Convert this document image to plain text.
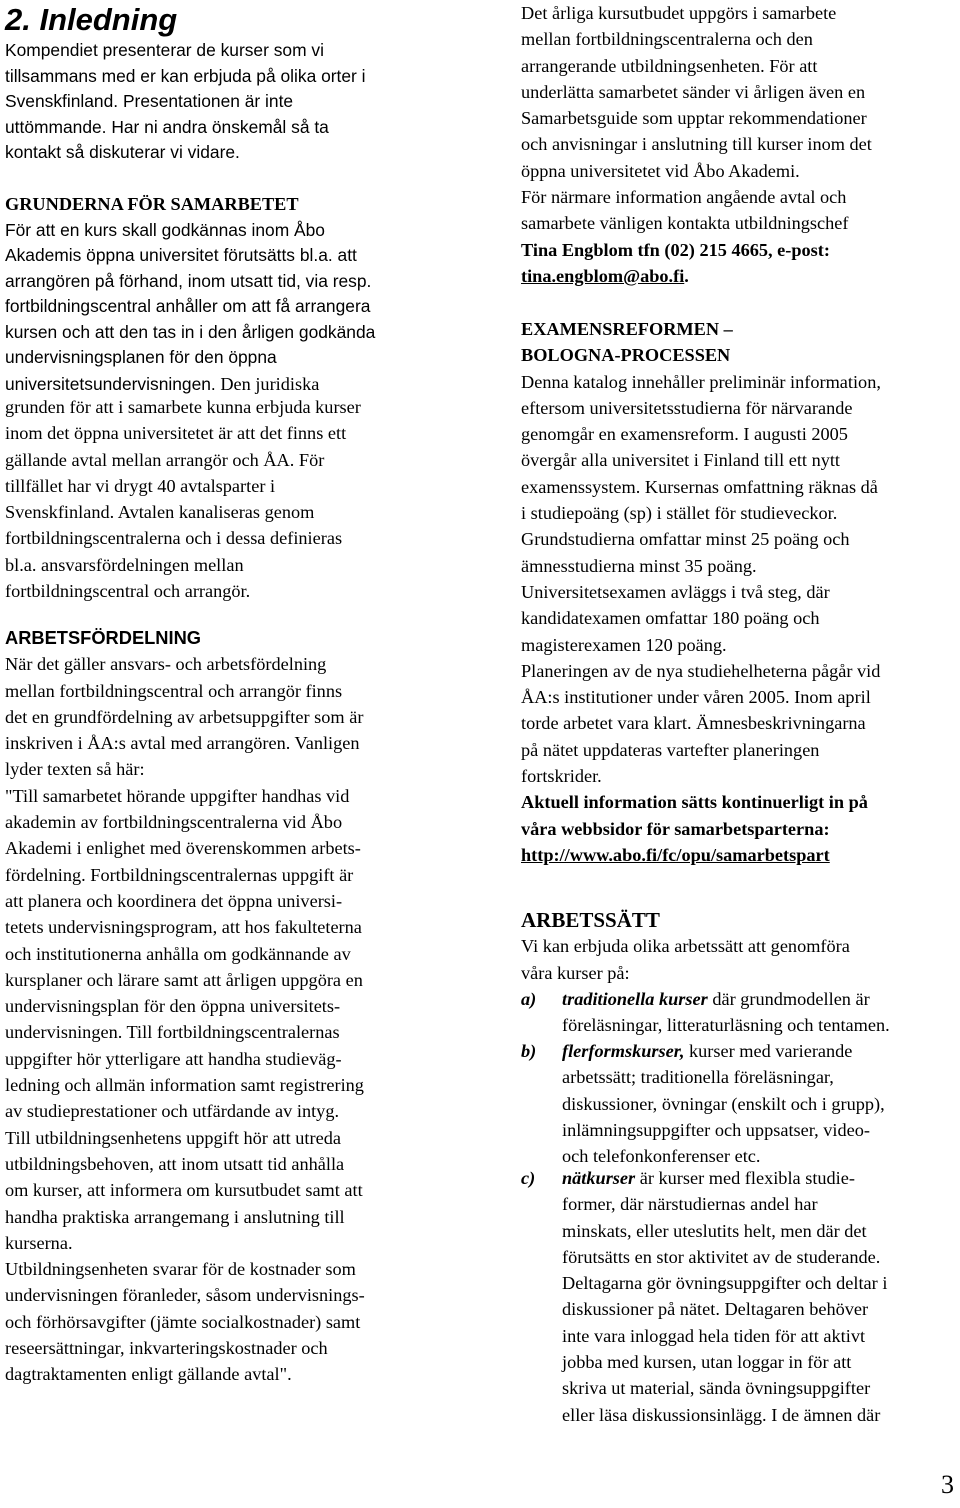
2. Inledning
Kompendiet presenterar de kurser som vi
tillsammans med er kan erbjuda på olika orter i
Svenskfinland. Presentationen är inte
uttömmande. Har ni andra önskemål så ta
kontakt så diskuterar vi vidare.
GRUNDERNA FÖR SAMARBETET
För att en kurs skall godkännas inom Åbo
Akademis öppna universitet förutsätts bl.a. att
arrangören på förhand, inom utsatt tid, via resp.
fortbildningscentral anhåller om att få arrangera
kursen och att den tas in i den årligen godkända
undervisningsplanen för den öppna
universitetsundervisningen. Den juridiska
grunden för att i samarbete kunna erbjuda kurser
inom det öppna universitetet är att det finns ett
gällande avtal mellan arrangör och ÅA. För
tillfället har vi drygt 40 avtalsparter i
Svenskfinland. Avtalen kanaliseras genom
fortbildningscentralerna och i dessa definieras
bl.a. ansvarsfördelningen mellan
fortbildningscentral och arrangör.
ARBETSFÖRDELNING
När det gäller ansvars- och arbetsfördelning
mellan fortbildningscentral och arrangör finns
det en grundfördelning av arbetsuppgifter som är
inskriven i ÅA:s avtal med arrangören. Vanligen
lyder texten så här:
"Till samarbetet hörande uppgifter handhas vid
akademin av fortbildningscentralerna vid Åbo
Akademi i enlighet med överenskommen arbets-
fördelning. Fortbildningscentralernas uppgift är
att planera och koordinera det öppna universi-
tetets undervisningsprogram, att hos fakulteterna
och institutionerna anhålla om godkännande av
kursplaner och lärare samt att årligen uppgöra en
undervisningsplan för den öppna universitets-
undervisningen. Till fortbildningscentralernas
uppgifter hör ytterligare att handha studieväg-
ledning och allmän information samt registrering
av studieprestationer och utfärdande av intyg.
Till utbildningsenhetens uppgift hör att utreda
utbildningsbehoven, att inom utsatt tid anhålla
om kurser, att informera om kursutbudet samt att
handha praktiska arrangemang i anslutning till
kurserna.
Utbildningsenheten svarar för de kostnader som
undervisningen föranleder, såsom undervisnings-
och förhörsavgifter (jämte socialkostnader) samt
reseersättningar, inkvarteringskostnader och
dagtraktamenten enligt gällande avtal".
Det årliga kursutbudet uppgörs i samarbete
mellan fortbildningscentralerna och den
arrangerande utbildningsenheten. För att
underlätta samarbetet sänder vi årligen även en
Samarbetsguide som upptar rekommendationer
och anvisningar i anslutning till kurser inom det
öppna universitetet vid Åbo Akademi.
För närmare information angående avtal och
samarbete vänligen kontakta utbildningschef
Tina Engblom tfn (02) 215 4665, e-post:
tina.engblom@abo.fi.
EXAMENSREFORMEN –
BOLOGNA-PROCESSEN
Denna katalog innehåller preliminär information,
eftersom universitetsstudierna för närvarande
genomgår en examensreform. I augusti 2005
övergår alla universitet i Finland till ett nytt
examenssystem. Kursernas omfattning räknas då
i studiepoäng (sp) i stället för studieveckor.
Grundstudierna omfattar minst 25 poäng och
ämnesstudierna minst 35 poäng.
Universitetsexamen avläggs i två steg, där
kandidatexamen omfattar 180 poäng och
magisterexamen 120 poäng.
Planeringen av de nya studiehelheterna pågår vid
ÅA:s institutioner under våren 2005. Inom april
torde arbetet vara klart. Ämnesbeskrivningarna
på nätet uppdateras vartefter planeringen
fortskrider.
Aktuell information sätts kontinuerligt in på
våra webbsidor för samarbetsparterna:
http://www.abo.fi/fc/opu/samarbetspart
ARBETSSÄTT
Vi kan erbjuda olika arbetssätt att genomföra
våra kurser på:
a) traditionella kurser där grundmodellen är
föreläsningar, litteraturläsning och tentamen.
b) flerformskurser, kurser med varierande
arbetssätt; traditionella föreläsningar,
diskussioner, övningar (enskilt och i grupp),
inlämningsuppgifter och uppsatser, video-
och telefonkonferenser etc.
c) nätkurser är kurser med flexibla studie-
former, där närstudiernas andel har
minskats, eller uteslutits helt, men där det
förutsätts en stor aktivitet av de studerande.
Deltagarna gör övningsuppgifter och deltar i
diskussioner på nätet. Deltagaren behöver
inte vara inloggad hela tiden för att aktivt
jobba med kursen, utan loggar in för att
skriva ut material, sända övningsuppgifter
eller läsa diskussionsinlägg. I de ämnen där
3
